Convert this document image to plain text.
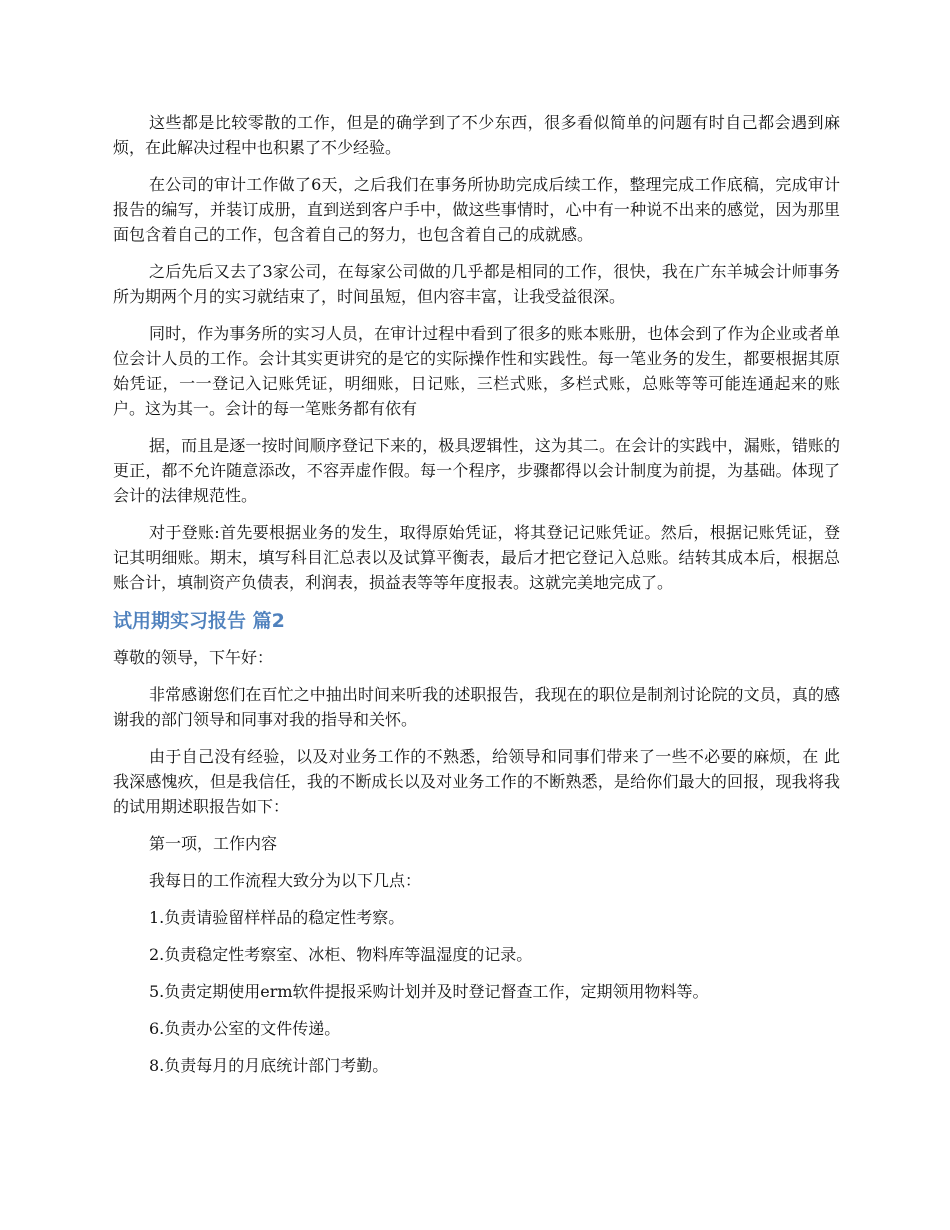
这些都是比较零散的工作，但是的确学到了不少东西，很多看似简单的问题有时自己都会遇到麻烦，在此解决过程中也积累了不少经验。

在公司的审计工作做了6天，之后我们在事务所协助完成后续工作，整理完成工作底稿，完成审计报告的编写，并装订成册，直到送到客户手中，做这些事情时，心中有一种说不出来的感觉，因为那里面包含着自己的工作，包含着自己的努力，也包含着自己的成就感。

之后先后又去了3家公司，在每家公司做的几乎都是相同的工作，很快，我在广东羊城会计师事务所为期两个月的实习就结束了，时间虽短，但内容丰富，让我受益很深。

同时，作为事务所的实习人员，在审计过程中看到了很多的账本账册，也体会到了作为企业或者单位会计人员的工作。会计其实更讲究的是它的实际操作性和实践性。每一笔业务的发生，都要根据其原始凭证，一一登记入记账凭证，明细账，日记账，三栏式账，多栏式账，总账等等可能连通起来的账户。这为其一。会计的每一笔账务都有依有

据，而且是逐一按时间顺序登记下来的，极具逻辑性，这为其二。在会计的实践中，漏账，错账的更正，都不允许随意添改，不容弄虚作假。每一个程序，步骤都得以会计制度为前提，为基础。体现了会计的法律规范性。

对于登账:首先要根据业务的发生，取得原始凭证，将其登记记账凭证。然后，根据记账凭证，登记其明细账。期末，填写科目汇总表以及试算平衡表，最后才把它登记入总账。结转其成本后，根据总账合计，填制资产负债表，利润表，损益表等等年度报表。这就完美地完成了。

试用期实习报告 篇2

尊敬的领导，下午好：

非常感谢您们在百忙之中抽出时间来听我的述职报告，我现在的职位是制剂讨论院的文员，真的感谢我的部门领导和同事对我的指导和关怀。

由于自己没有经验，以及对业务工作的不熟悉，给领导和同事们带来了一些不必要的麻烦，在 此我深感愧疚，但是我信任，我的不断成长以及对业务工作的不断熟悉，是给你们最大的回报，现我将我的试用期述职报告如下：

第一项，工作内容

我每日的工作流程大致分为以下几点：

1.负责请验留样样品的稳定性考察。

2.负责稳定性考察室、冰柜、物料库等温湿度的记录。

5.负责定期使用erm软件提报采购计划并及时登记督查工作，定期领用物料等。

6.负责办公室的文件传递。

8.负责每月的月底统计部门考勤。
